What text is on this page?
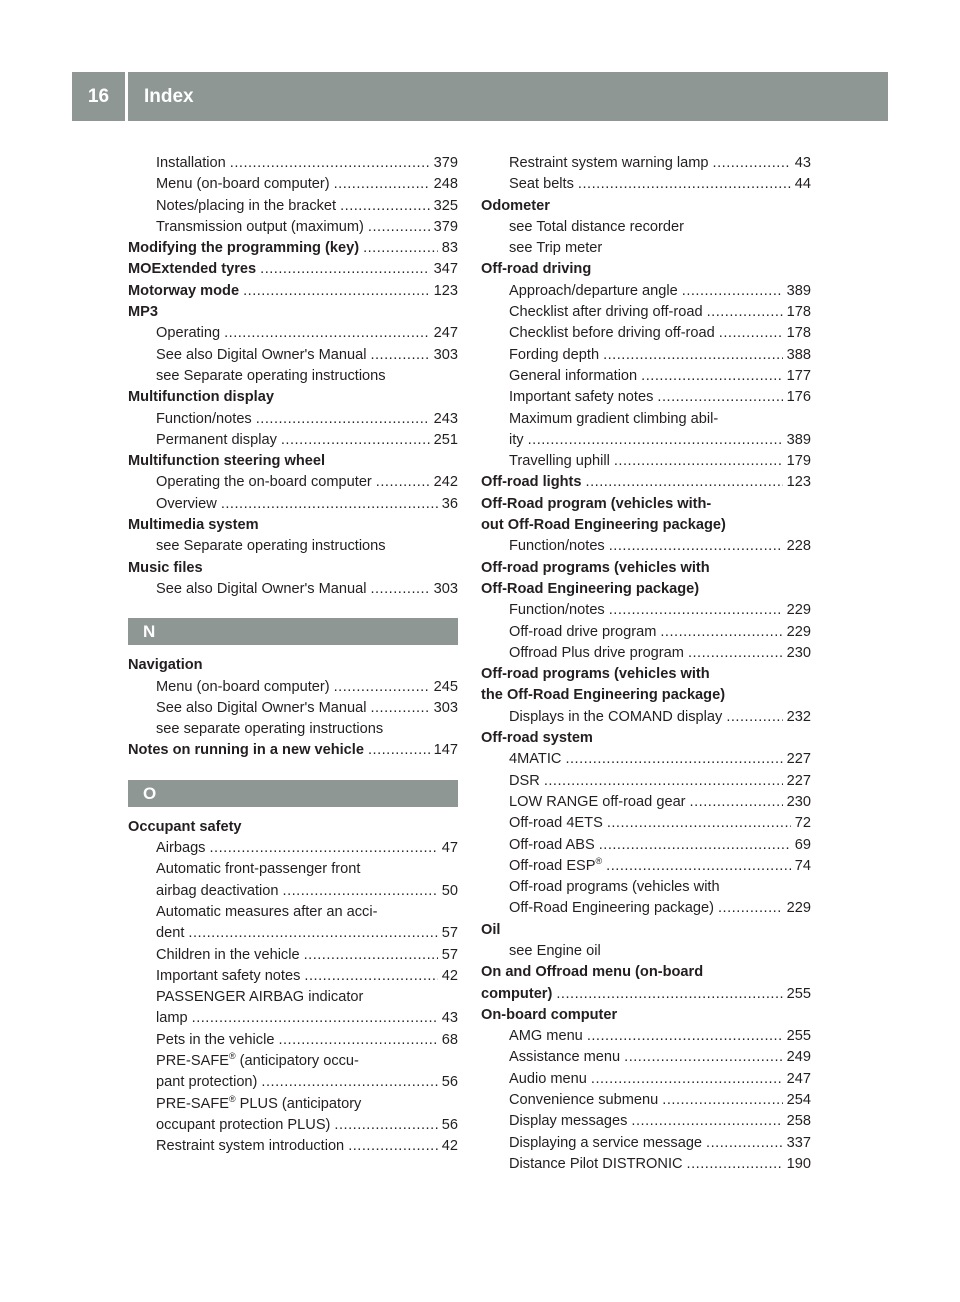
16	Index
Installation .....	379
Menu (on-board computer) .....	248
Notes/placing in the bracket .....	325
Transmission output (maximum) .....	379
Modifying the programming (key) .....	83
MOExtended tyres .....	347
Motorway mode .....	123
MP3
Operating .....	247
See also Digital Owner's Manual .....	303
see Separate operating instructions
Multifunction display
Function/notes .....	243
Permanent display .....	251
Multifunction steering wheel
Operating the on-board computer .....	242
Overview .....	36
Multimedia system
see Separate operating instructions
Music files
See also Digital Owner's Manual .....	303
N
Navigation
Menu (on-board computer) .....	245
See also Digital Owner's Manual .....	303
see separate operating instructions
Notes on running in a new vehicle .....	147
O
Occupant safety
Airbags .....	47
Automatic front-passenger front
airbag deactivation .....	50
Automatic measures after an acci-
dent .....	57
Children in the vehicle .....	57
Important safety notes .....	42
PASSENGER AIRBAG indicator
lamp .....	43
Pets in the vehicle .....	68
PRE-SAFE® (anticipatory occu-
pant protection) .....	56
PRE-SAFE® PLUS (anticipatory
occupant protection PLUS) .....	56
Restraint system introduction .....	42
Restraint system warning lamp .....	43
Seat belts .....	44
Odometer
see Total distance recorder
see Trip meter
Off-road driving
Approach/departure angle .....	389
Checklist after driving off-road .....	178
Checklist before driving off-road .....	178
Fording depth .....	388
General information .....	177
Important safety notes .....	176
Maximum gradient climbing abil-
ity .....	389
Travelling uphill .....	179
Off-road lights .....	123
Off-Road program (vehicles with-
out Off-Road Engineering package)
Function/notes .....	228
Off-road programs (vehicles with
Off-Road Engineering package)
Function/notes .....	229
Off-road drive program .....	229
Offroad Plus drive program .....	230
Off-road programs (vehicles with
the Off-Road Engineering package)
Displays in the COMAND display .....	232
Off-road system
4MATIC .....	227
DSR .....	227
LOW RANGE off-road gear .....	230
Off-road 4ETS .....	72
Off-road ABS .....	69
Off-road ESP® .....	74
Off-road programs (vehicles with
Off-Road Engineering package) .....	229
Oil
see Engine oil
On and Offroad menu (on-board
computer) .....	255
On-board computer
AMG menu .....	255
Assistance menu .....	249
Audio menu .....	247
Convenience submenu .....	254
Display messages .....	258
Displaying a service message .....	337
Distance Pilot DISTRONIC .....	190
